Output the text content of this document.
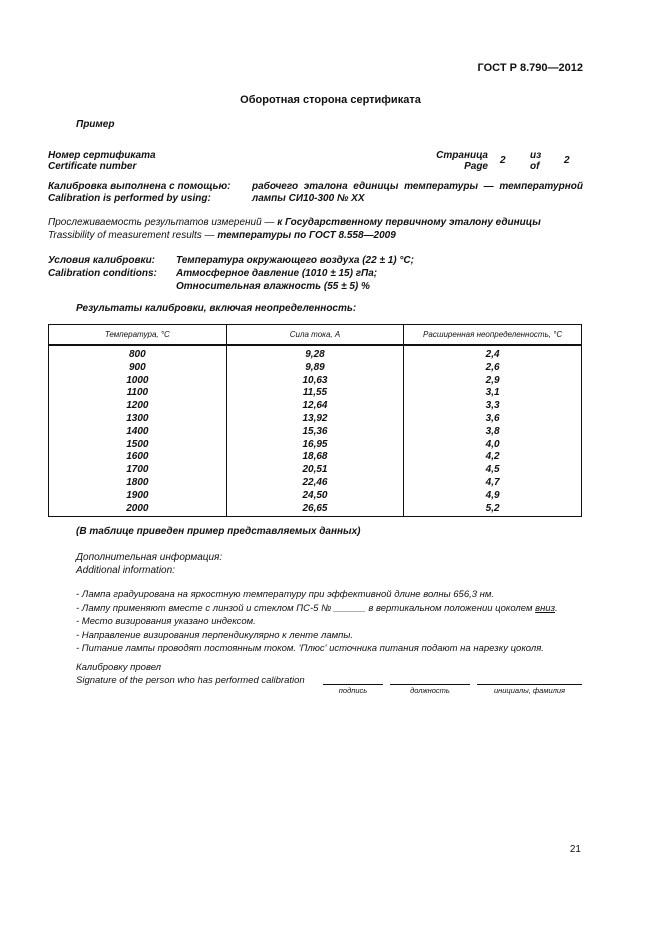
ГОСТ Р 8.790—2012
Оборотная сторона сертификата
Пример
Номер сертификата
Certificate number
Страница
Page
2 из
of
2
Калибровка выполнена с помощью:
Calibration is performed by using:
рабочего эталона единицы температуры — температурной
лампы СИ10-300 № ХХ
Прослеживаемость результатов измерений — к Государственному первичному эталону единицы
Trassibility of measurement results — температуры по ГОСТ 8.558—2009
Условия калибровки:
Calibration conditions:
Температура окружающего воздуха (22 ± 1) °С;
Атмосферное давление (1010 ± 15) гПа;
Относительная влажность (55 ± 5) %
Результаты калибровки, включая неопределенность:
Температура, °С	Сила тока, А	Расширенная неопределенность, °С
800	9,28	2,4
900	9,89	2,6
1000	10,63	2,9
1100	11,55	3,1
1200	12,64	3,3
1300	13,92	3,6
1400	15,36	3,8
1500	16,95	4,0
1600	18,68	4,2
1700	20,51	4,5
1800	22,46	4,7
1900	24,50	4,9
2000	26,65	5,2
(В таблице приведен пример представляемых данных)
Дополнительная информация:
Additional information:
- Лампа градуирована на яркостную температуру при эффективной длине волны 656,3 нм.
- Лампу применяют вместе с линзой и стеклом ПС-5 № ______ в вертикальном положении цоколем вниз.
- Место визирования указано индексом.
- Направление визирования перпендикулярно к ленте лампы.
- Питание лампы проводят постоянным током. 'Плюс' источника питания подают на нарезку цоколя.
Калибровку провел
Signature of the person who has performed calibration
подпись	должность	инициалы, фамилия
21
